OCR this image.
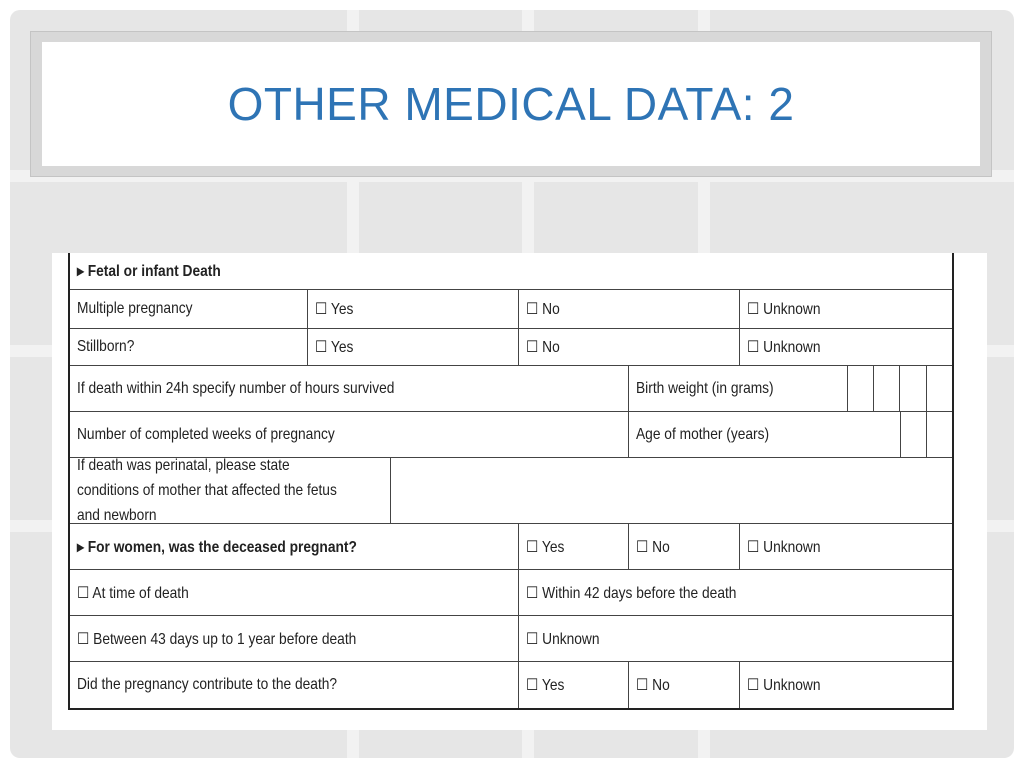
OTHER MEDICAL DATA: 2
▸ Fetal or infant Death
Multiple pregnancy	☐ Yes	☐ No	☐ Unknown
Stillborn?	☐ Yes	☐ No	☐ Unknown
If death within 24h specify number of hours survived	Birth weight (in grams)
Number of completed weeks of pregnancy	Age of mother (years)
If death was perinatal, please state conditions of mother that affected the fetus and newborn
▸ For women, was the deceased pregnant?	☐ Yes	☐ No	☐ Unknown
☐ At time of death	☐ Within 42 days before the death
☐ Between 43 days up to 1 year before death	☐ Unknown
Did the pregnancy contribute to the death?	☐ Yes	☐ No	☐ Unknown
